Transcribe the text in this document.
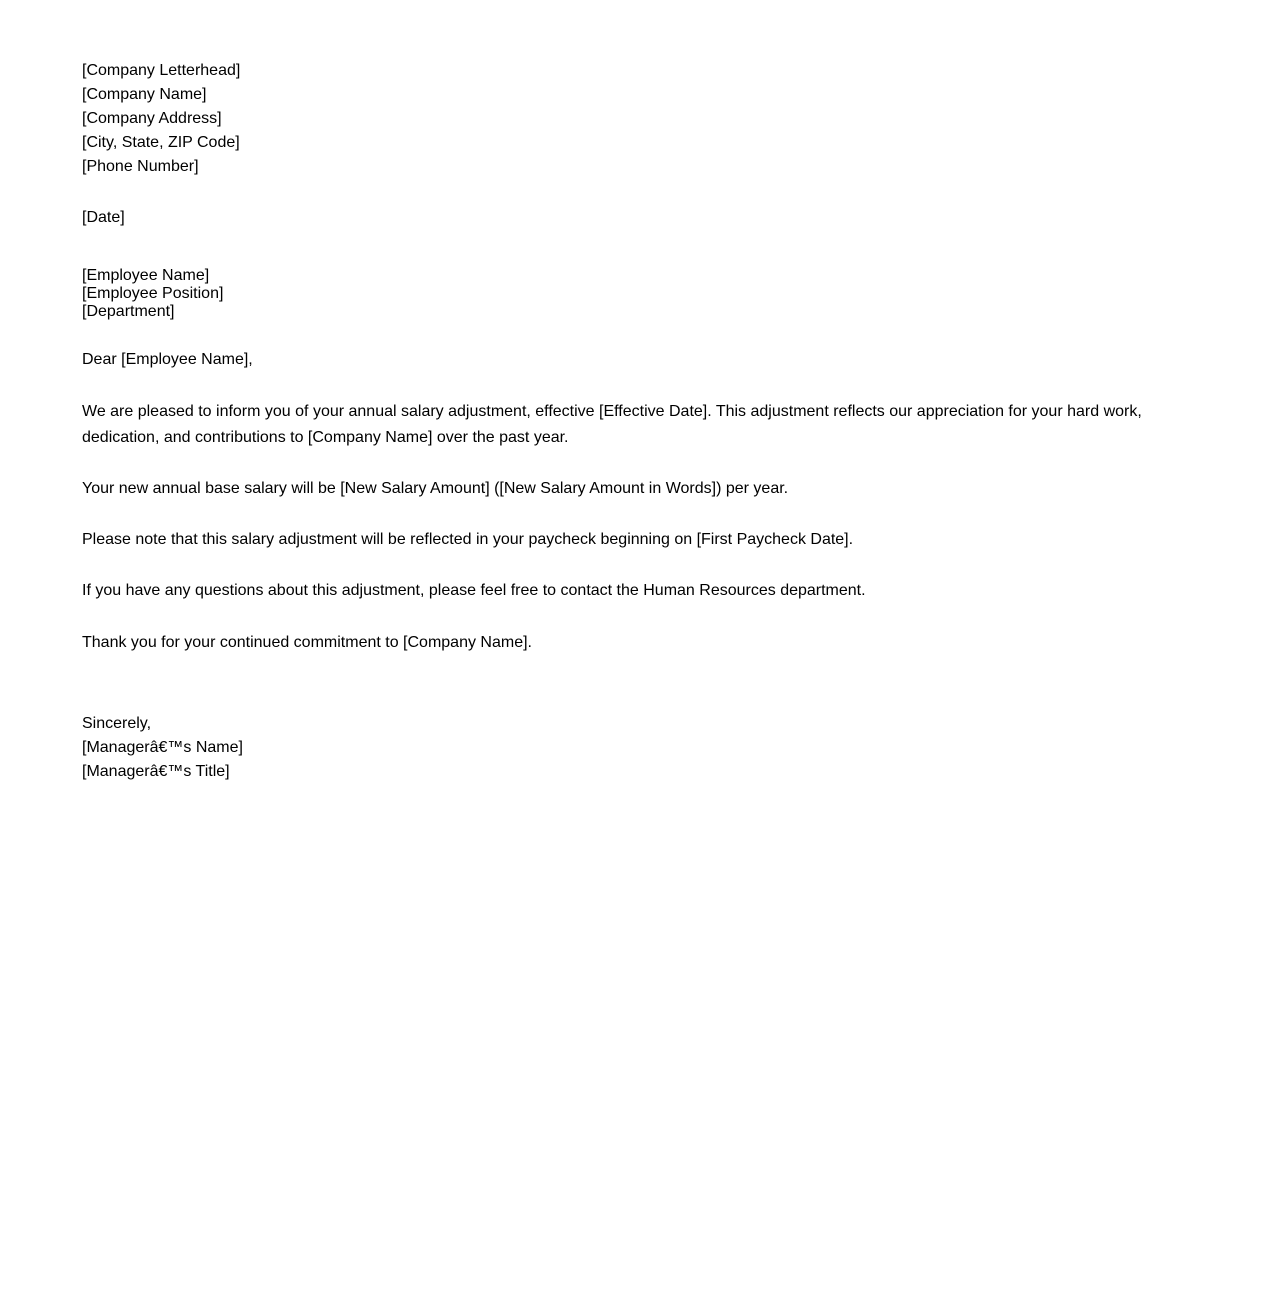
[Company Letterhead]
[Company Name]
[Company Address]
[City, State, ZIP Code]
[Phone Number]
[Date]
[Employee Name]
[Employee Position]
[Department]
Dear [Employee Name],
We are pleased to inform you of your annual salary adjustment, effective [Effective Date]. This adjustment reflects our appreciation for your hard work, dedication, and contributions to [Company Name] over the past year.
Your new annual base salary will be [New Salary Amount] ([New Salary Amount in Words]) per year.
Please note that this salary adjustment will be reflected in your paycheck beginning on [First Paycheck Date].
If you have any questions about this adjustment, please feel free to contact the Human Resources department.
Thank you for your continued commitment to [Company Name].
Sincerely,
[Managerâ€™s Name]
[Managerâ€™s Title]
